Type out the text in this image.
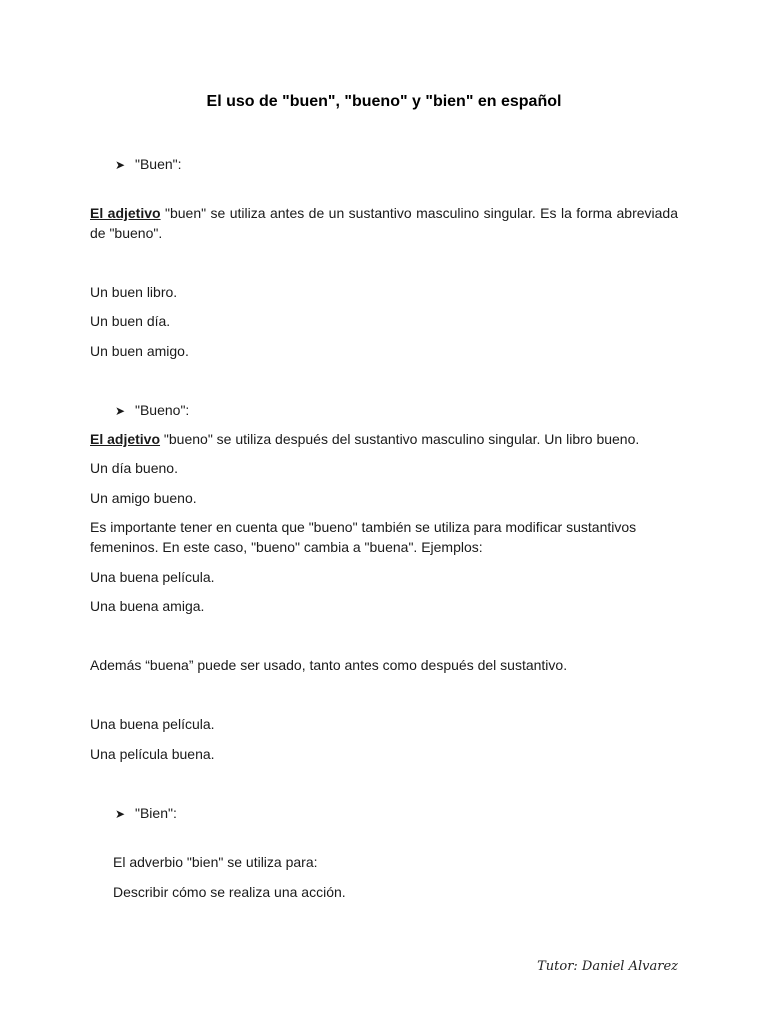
El uso de "buen", "bueno" y "bien" en español
➤ "Buen":
El adjetivo "buen" se utiliza antes de un sustantivo masculino singular. Es la forma abreviada de "bueno".
Un buen libro.
Un buen día.
Un buen amigo.
➤ "Bueno":
El adjetivo "bueno" se utiliza después del sustantivo masculino singular. Un libro bueno.
Un día bueno.
Un amigo bueno.
Es importante tener en cuenta que "bueno" también se utiliza para modificar sustantivos femeninos. En este caso, "bueno" cambia a "buena". Ejemplos:
Una buena película.
Una buena amiga.
Además “buena” puede ser usado, tanto antes como después del sustantivo.
Una buena película.
Una película buena.
➤ "Bien":
El adverbio "bien" se utiliza para:
Describir cómo se realiza una acción.
Tutor: Daniel Alvarez
